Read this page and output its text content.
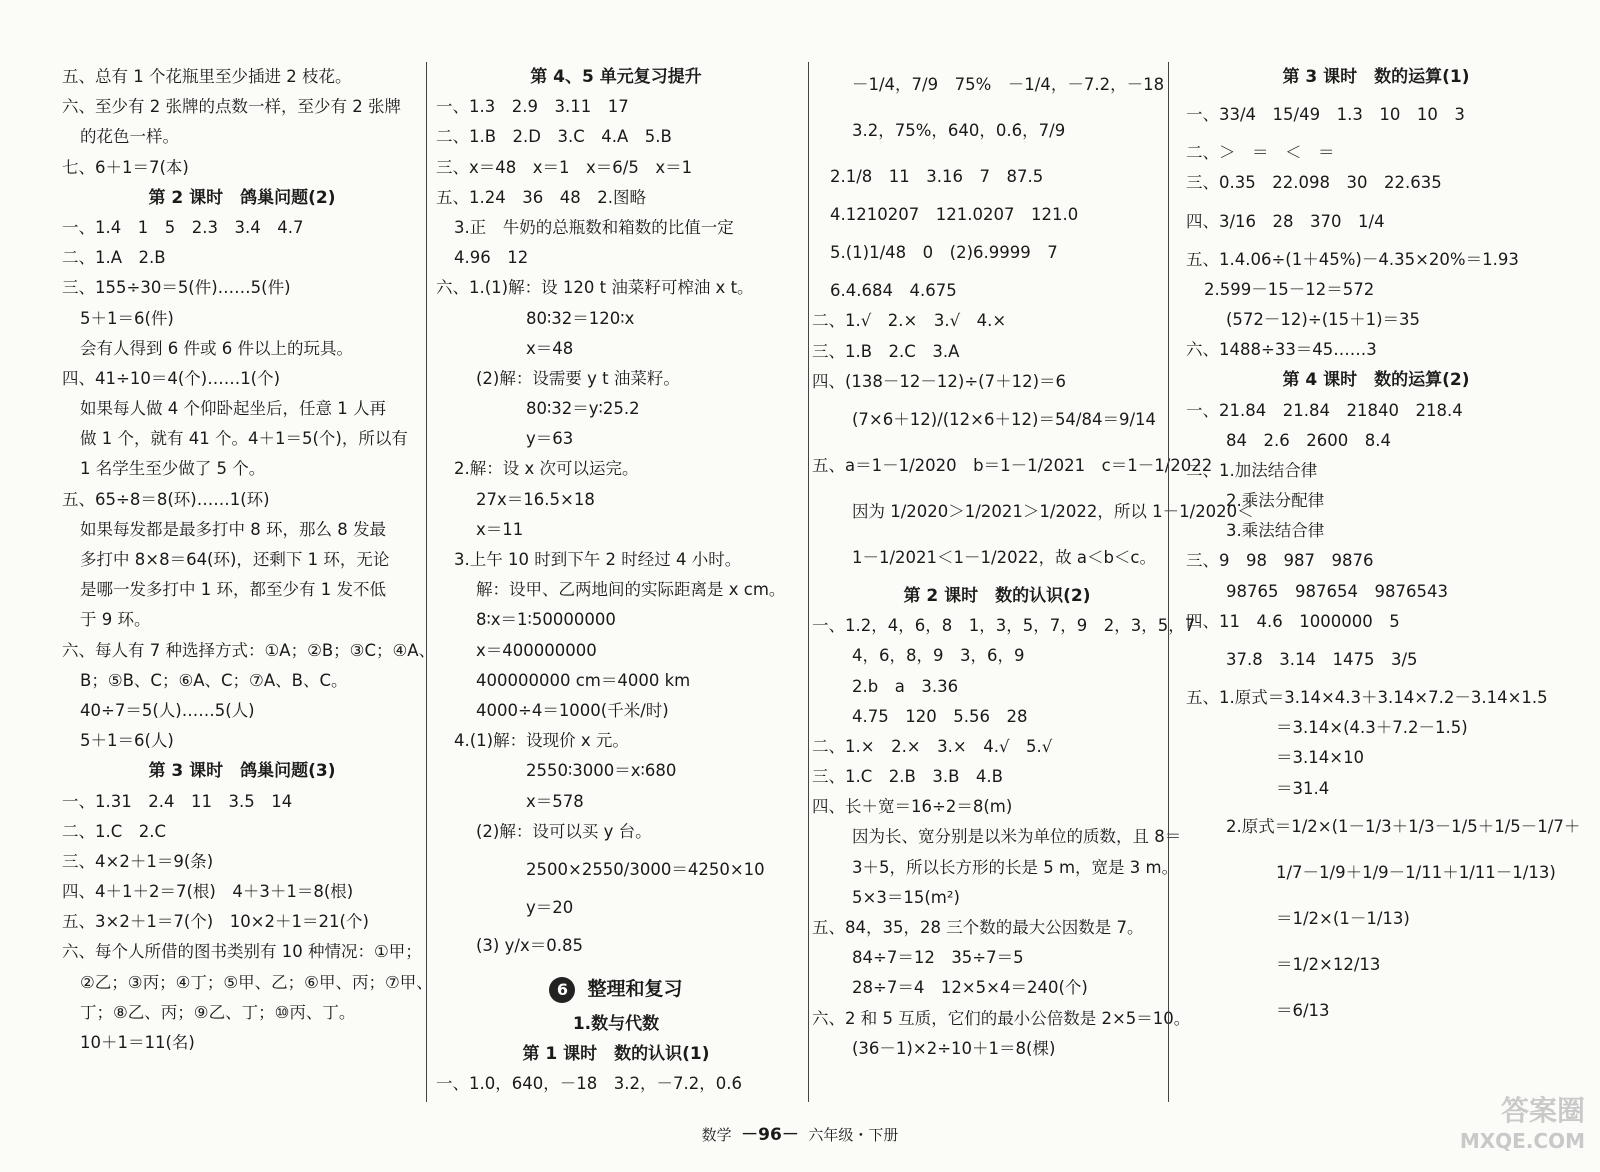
五、总有 1 个花瓶里至少插进 2 枝花。
六、至少有 2 张牌的点数一样，至少有 2 张牌
的花色一样。
七、6＋1＝7(本)
第 2 课时　鸽巢问题(2)
一、1.4　1　5　2.3　3.4　4.7
二、1.A　2.B
三、155÷30＝5(件)……5(件)
5＋1＝6(件)
会有人得到 6 件或 6 件以上的玩具。
四、41÷10＝4(个)……1(个)
如果每人做 4 个仰卧起坐后，任意 1 人再
做 1 个，就有 41 个。4＋1＝5(个)，所以有
1 名学生至少做了 5 个。
五、65÷8＝8(环)……1(环)
如果每发都是最多打中 8 环，那么 8 发最
多打中 8×8＝64(环)，还剩下 1 环，无论
是哪一发多打中 1 环，都至少有 1 发不低
于 9 环。
六、每人有 7 种选择方式：①A；②B；③C；④A、
B；⑤B、C；⑥A、C；⑦A、B、C。
40÷7＝5(人)……5(人)
5＋1＝6(人)
第 3 课时　鸽巢问题(3)
一、1.31　2.4　11　3.5　14
二、1.C　2.C
三、4×2＋1＝9(条)
四、4＋1＋2＝7(根)　4＋3＋1＝8(根)
五、3×2＋1＝7(个)　10×2＋1＝21(个)
六、每个人所借的图书类别有 10 种情况：①甲；
②乙；③丙；④丁；⑤甲、乙；⑥甲、丙；⑦甲、
丁；⑧乙、丙；⑨乙、丁；⑩丙、丁。
10＋1＝11(名)
第 4、5 单元复习提升
一、1.3　2.9　3.11　17
二、1.B　2.D　3.C　4.A　5.B
三、x＝48　x＝1　x＝6/5　x＝1
五、1.24　36　48　2.图略
3.正　牛奶的总瓶数和箱数的比值一定
4.96　12
六、1.(1)解：设 120 t 油菜籽可榨油 x t。
80∶32＝120∶x
x＝48
(2)解：设需要 y t 油菜籽。
80∶32＝y∶25.2
y＝63
2.解：设 x 次可以运完。
27x＝16.5×18
x＝11
3.上午 10 时到下午 2 时经过 4 小时。
解：设甲、乙两地间的实际距离是 x cm。
8∶x＝1∶50000000
x＝400000000
400000000 cm＝4000 km
4000÷4＝1000(千米/时)
4.(1)解：设现价 x 元。
2550∶3000＝x∶680
x＝578
(2)解：设可以买 y 台。
2500×2550/3000＝4250×10
y＝20
(3) y/x＝0.85
6 整理和复习
1.数与代数
第 1 课时　数的认识(1)
一、1.0，640，－18　3.2，－7.2，0.6̇
－1/4，7/9　75%　－1/4，－7.2，－18
3.2，75%，640，0.6̇，7/9
2.1/8　11　3.16　7　87.5
4.1210207　121.0207　121.0
5.(1)1/48　0　(2)6.9999　7
6.4.684　4.675
二、1.√　2.×　3.√　4.×
三、1.B　2.C　3.A
四、(138－12－12)÷(7＋12)＝6
(7×6＋12)/(12×6＋12)＝54/84＝9/14
五、a＝1－1/2020　b＝1－1/2021　c＝1－1/2022
因为 1/2020＞1/2021＞1/2022，所以 1－1/2020＜
1－1/2021＜1－1/2022，故 a＜b＜c。
第 2 课时　数的认识(2)
一、1.2，4，6，8　1，3，5，7，9　2，3，5，7
4，6，8，9　3，6，9
2.b　a　3.36
4.75　120　5.56　28
二、1.×　2.×　3.×　4.√　5.√
三、1.C　2.B　3.B　4.B
四、长＋宽＝16÷2＝8(m)
因为长、宽分别是以米为单位的质数，且 8＝
3＋5，所以长方形的长是 5 m，宽是 3 m。
5×3＝15(m²)
五、84，35，28 三个数的最大公因数是 7。
84÷7＝12　35÷7＝5
28÷7＝4　12×5×4＝240(个)
六、2 和 5 互质，它们的最小公倍数是 2×5＝10。
(36－1)×2÷10＋1＝8(棵)
第 3 课时　数的运算(1)
一、33/4　15/49　1.3　10　10　3
二、＞　＝　＜　＝
三、0.35　22.098　30　22.635
四、3/16　28　370　1/4
五、1.4.06÷(1＋45%)－4.35×20%＝1.93
2.599－15－12＝572
(572－12)÷(15＋1)＝35
六、1488÷33＝45……3
第 4 课时　数的运算(2)
一、21.84　21.84　21840　218.4
84　2.6　2600　8.4
二、1.加法结合律
2.乘法分配律
3.乘法结合律
三、9　98　987　9876
98765　987654　9876543
四、11　4.6　1000000　5
37.8　3.14　1475　3/5
五、1.原式＝3.14×4.3＋3.14×7.2－3.14×1.5
＝3.14×(4.3＋7.2－1.5)
＝3.14×10
＝31.4
2.原式＝1/2×(1－1/3＋1/3－1/5＋1/5－1/7＋
1/7－1/9＋1/9－1/11＋1/11－1/13)
＝1/2×(1－1/13)
＝1/2×12/13
＝6/13
数学 －96－ 六年级・下册
答案圈
MXQE.COM
